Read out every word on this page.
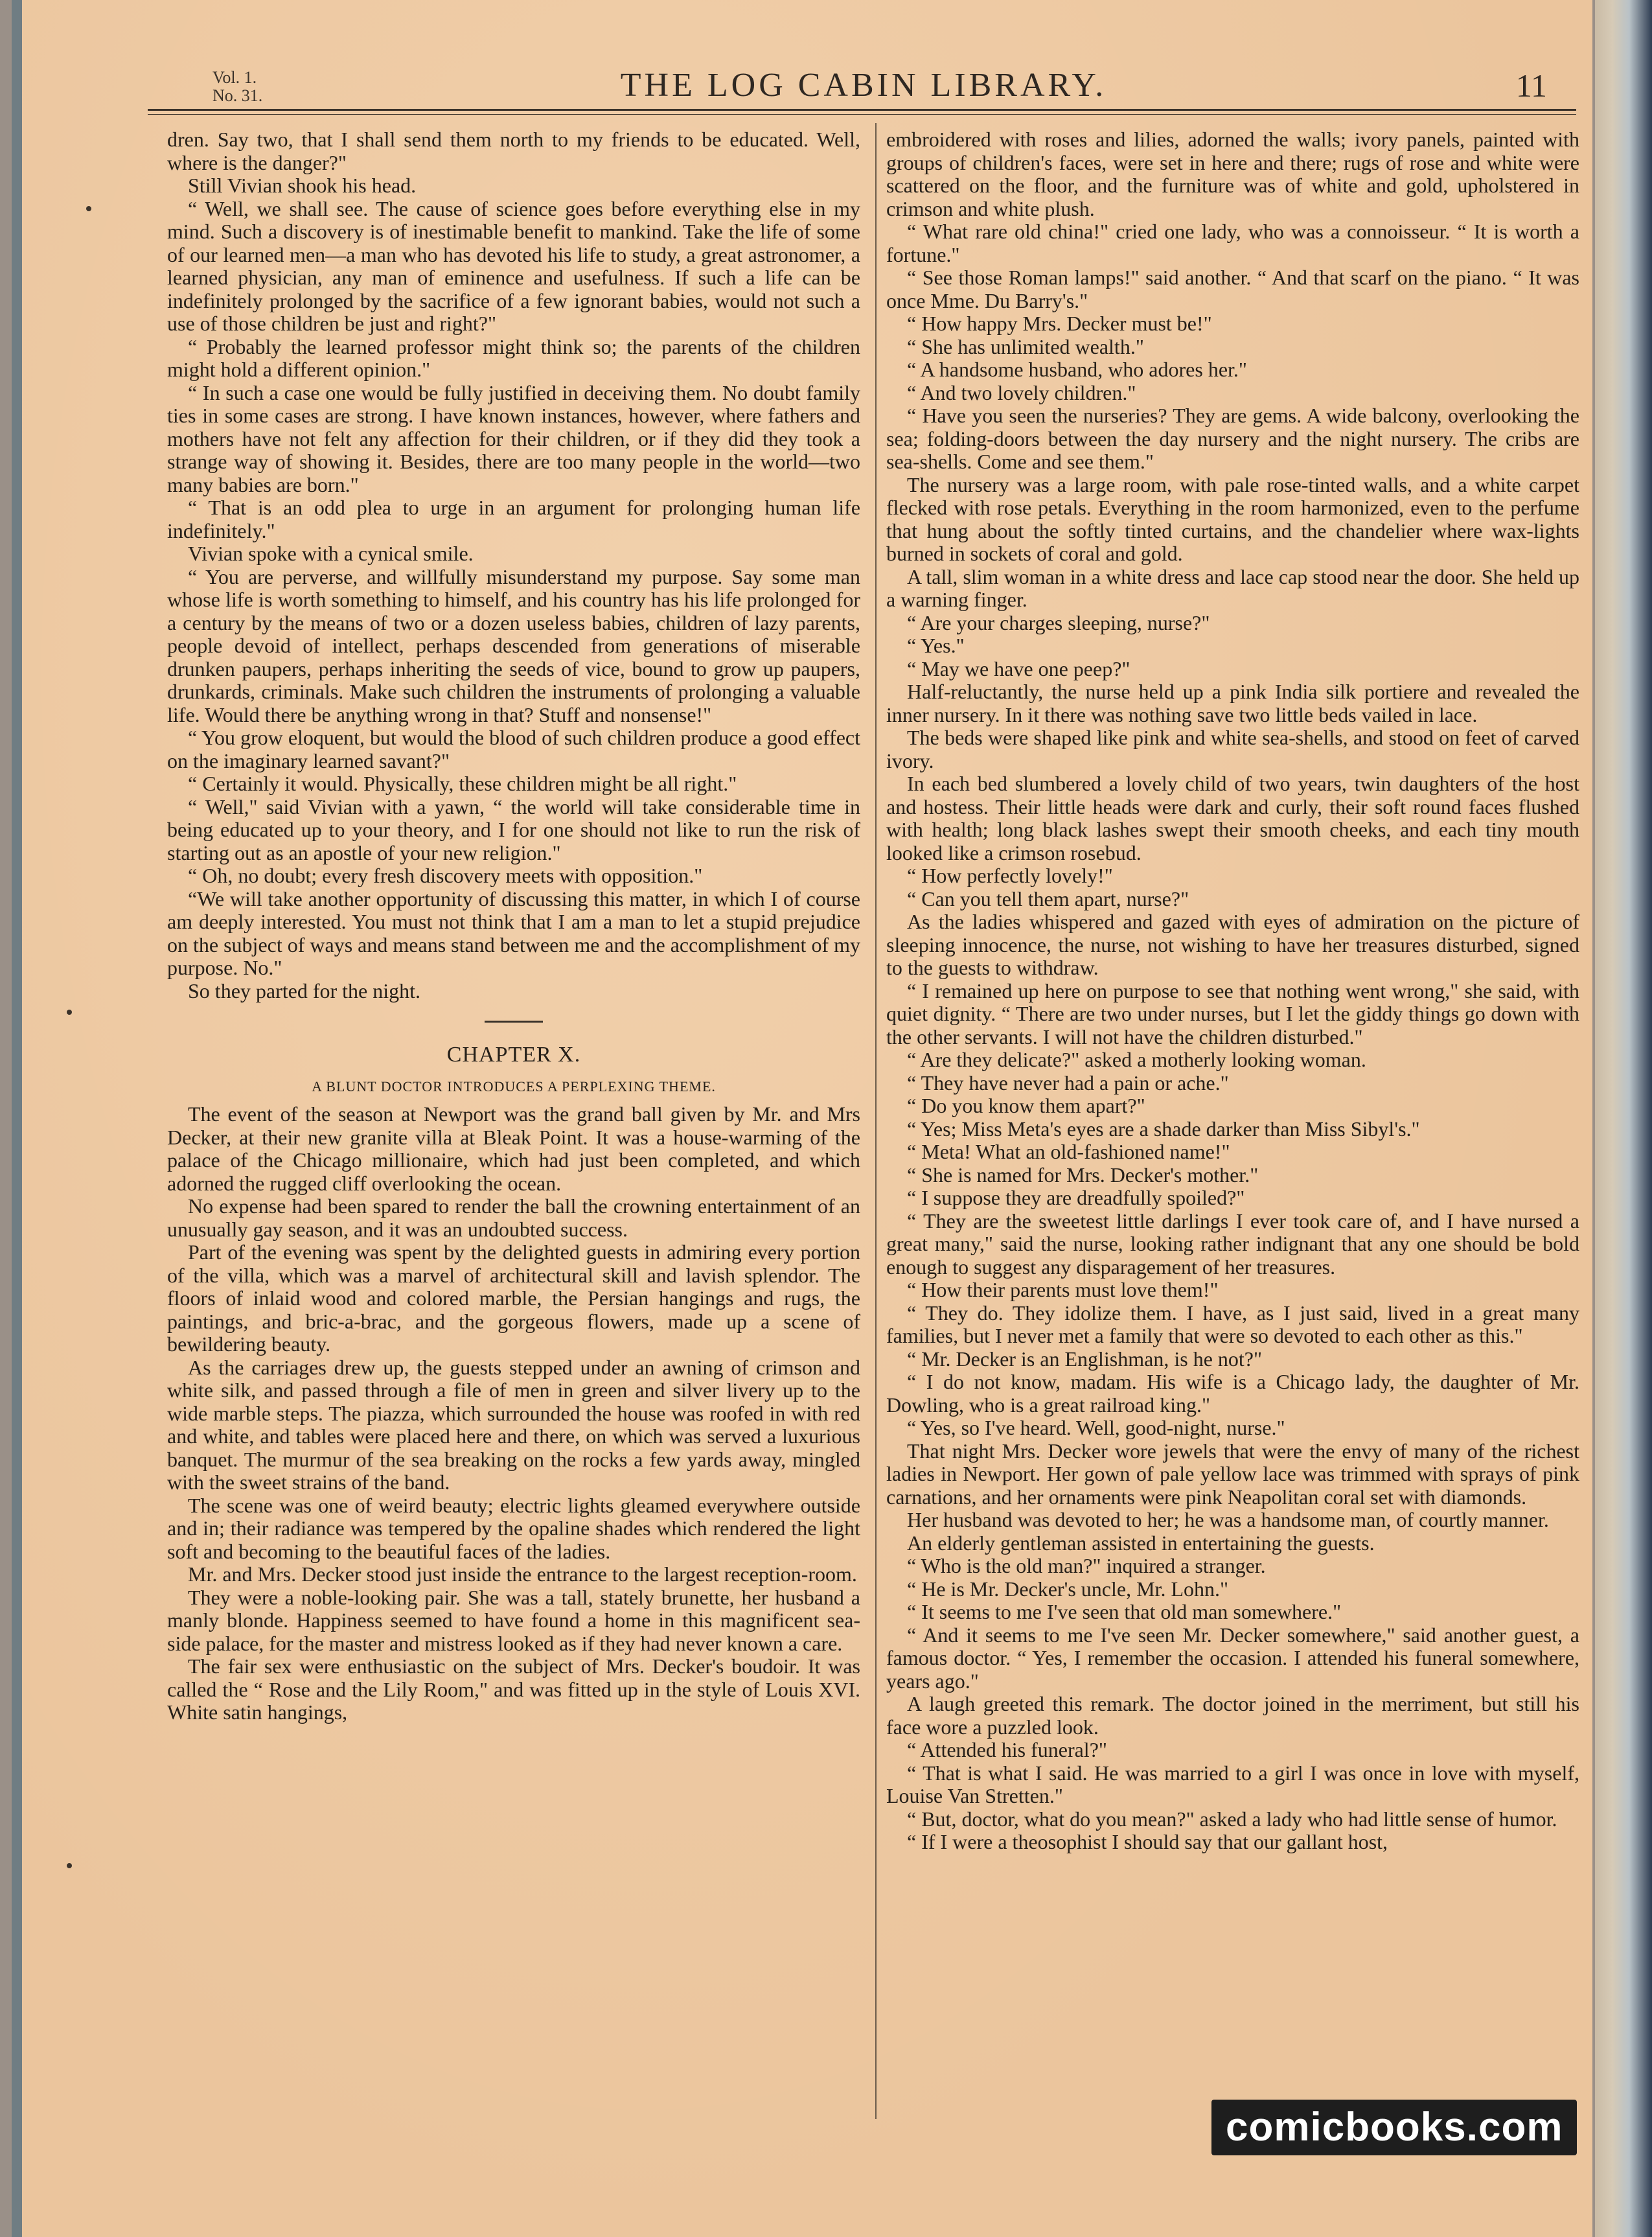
Vol. 1.
No. 31.	THE LOG CABIN LIBRARY.	11

dren. Say two, that I shall send them north to my friends to be educated. Well, where is the danger?"

Still Vivian shook his head.

“ Well, we shall see. The cause of science goes before everything else in my mind. Such a discovery is of inestimable benefit to mankind. Take the life of some of our learned men—a man who has devoted his life to study, a great astronomer, a learned physician, any man of eminence and usefulness. If such a life can be indefinitely prolonged by the sacrifice of a few ignorant babies, would not such a use of those children be just and right?"

“ Probably the learned professor might think so; the parents of the children might hold a different opinion."

“ In such a case one would be fully justified in deceiving them. No doubt family ties in some cases are strong. I have known instances, however, where fathers and mothers have not felt any affection for their children, or if they did they took a strange way of showing it. Besides, there are too many people in the world—two many babies are born."

“ That is an odd plea to urge in an argument for prolonging human life indefinitely."

Vivian spoke with a cynical smile.

“ You are perverse, and willfully misunderstand my purpose. Say some man whose life is worth something to himself, and his country has his life prolonged for a century by the means of two or a dozen useless babies, children of lazy parents, people devoid of intellect, perhaps descended from generations of miserable drunken paupers, perhaps inheriting the seeds of vice, bound to grow up paupers, drunkards, criminals. Make such children the instruments of prolonging a valuable life. Would there be anything wrong in that? Stuff and nonsense!"

“ You grow eloquent, but would the blood of such children produce a good effect on the imaginary learned savant?"

“ Certainly it would. Physically, these children might be all right."

“ Well," said Vivian with a yawn, “ the world will take considerable time in being educated up to your theory, and I for one should not like to run the risk of starting out as an apostle of your new religion."

“ Oh, no doubt; every fresh discovery meets with opposition."

“We will take another opportunity of discussing this matter, in which I of course am deeply interested. You must not think that I am a man to let a stupid prejudice on the subject of ways and means stand between me and the accomplishment of my purpose. No."

So they parted for the night.

CHAPTER X.
A BLUNT DOCTOR INTRODUCES A PERPLEXING THEME.

The event of the season at Newport was the grand ball given by Mr. and Mrs Decker, at their new granite villa at Bleak Point. It was a house-warming of the palace of the Chicago millionaire, which had just been completed, and which adorned the rugged cliff overlooking the ocean.

No expense had been spared to render the ball the crowning entertainment of an unusually gay season, and it was an undoubted success.

Part of the evening was spent by the delighted guests in admiring every portion of the villa, which was a marvel of architectural skill and lavish splendor. The floors of inlaid wood and colored marble, the Persian hangings and rugs, the paintings, and bric-a-brac, and the gorgeous flowers, made up a scene of bewildering beauty.

As the carriages drew up, the guests stepped under an awning of crimson and white silk, and passed through a file of men in green and silver livery up to the wide marble steps. The piazza, which surrounded the house was roofed in with red and white, and tables were placed here and there, on which was served a luxurious banquet. The murmur of the sea breaking on the rocks a few yards away, mingled with the sweet strains of the band.

The scene was one of weird beauty; electric lights gleamed everywhere outside and in; their radiance was tempered by the opaline shades which rendered the light soft and becoming to the beautiful faces of the ladies.

Mr. and Mrs. Decker stood just inside the entrance to the largest reception-room.

They were a noble-looking pair. She was a tall, stately brunette, her husband a manly blonde. Happiness seemed to have found a home in this magnificent sea-side palace, for the master and mistress looked as if they had never known a care.

The fair sex were enthusiastic on the subject of Mrs. Decker's boudoir. It was called the “ Rose and the Lily Room," and was fitted up in the style of Louis XVI. White satin hangings,

embroidered with roses and lilies, adorned the walls; ivory panels, painted with groups of children's faces, were set in here and there; rugs of rose and white were scattered on the floor, and the furniture was of white and gold, upholstered in crimson and white plush.

“ What rare old china!" cried one lady, who was a connoisseur. “ It is worth a fortune."

“ See those Roman lamps!" said another. “ And that scarf on the piano. “ It was once Mme. Du Barry's."

“ How happy Mrs. Decker must be!"

“ She has unlimited wealth."

“ A handsome husband, who adores her."

“ And two lovely children."

“ Have you seen the nurseries? They are gems. A wide balcony, overlooking the sea; folding-doors between the day nursery and the night nursery. The cribs are sea-shells. Come and see them."

The nursery was a large room, with pale rose-tinted walls, and a white carpet flecked with rose petals. Everything in the room harmonized, even to the perfume that hung about the softly tinted curtains, and the chandelier where wax-lights burned in sockets of coral and gold.

A tall, slim woman in a white dress and lace cap stood near the door. She held up a warning finger.

“ Are your charges sleeping, nurse?"

“ Yes."

“ May we have one peep?"

Half-reluctantly, the nurse held up a pink India silk portiere and revealed the inner nursery. In it there was nothing save two little beds vailed in lace.

The beds were shaped like pink and white sea-shells, and stood on feet of carved ivory.

In each bed slumbered a lovely child of two years, twin daughters of the host and hostess. Their little heads were dark and curly, their soft round faces flushed with health; long black lashes swept their smooth cheeks, and each tiny mouth looked like a crimson rosebud.

“ How perfectly lovely!"

“ Can you tell them apart, nurse?"

As the ladies whispered and gazed with eyes of admiration on the picture of sleeping innocence, the nurse, not wishing to have her treasures disturbed, signed to the guests to withdraw.

“ I remained up here on purpose to see that nothing went wrong," she said, with quiet dignity. “ There are two under nurses, but I let the giddy things go down with the other servants. I will not have the children disturbed."

“ Are they delicate?" asked a motherly looking woman.

“ They have never had a pain or ache."

“ Do you know them apart?"

“ Yes; Miss Meta's eyes are a shade darker than Miss Sibyl's."

“ Meta! What an old-fashioned name!"

“ She is named for Mrs. Decker's mother."

“ I suppose they are dreadfully spoiled?"

“ They are the sweetest little darlings I ever took care of, and I have nursed a great many," said the nurse, looking rather indignant that any one should be bold enough to suggest any disparagement of her treasures.

“ How their parents must love them!"

“ They do. They idolize them. I have, as I just said, lived in a great many families, but I never met a family that were so devoted to each other as this."

“ Mr. Decker is an Englishman, is he not?"

“ I do not know, madam. His wife is a Chicago lady, the daughter of Mr. Dowling, who is a great railroad king."

“ Yes, so I've heard. Well, good-night, nurse."

That night Mrs. Decker wore jewels that were the envy of many of the richest ladies in Newport. Her gown of pale yellow lace was trimmed with sprays of pink carnations, and her ornaments were pink Neapolitan coral set with diamonds.

Her husband was devoted to her; he was a handsome man, of courtly manner.

An elderly gentleman assisted in entertaining the guests.

“ Who is the old man?" inquired a stranger.

“ He is Mr. Decker's uncle, Mr. Lohn."

“ It seems to me I've seen that old man somewhere."

“ And it seems to me I've seen Mr. Decker somewhere," said another guest, a famous doctor. “ Yes, I remember the occasion. I attended his funeral somewhere, years ago."

A laugh greeted this remark. The doctor joined in the merriment, but still his face wore a puzzled look.

“ Attended his funeral?"

“ That is what I said. He was married to a girl I was once in love with myself, Louise Van Stretten."

“ But, doctor, what do you mean?" asked a lady who had little sense of humor.

“ If I were a theosophist I should say that our gallant host,

comicbooks.com
